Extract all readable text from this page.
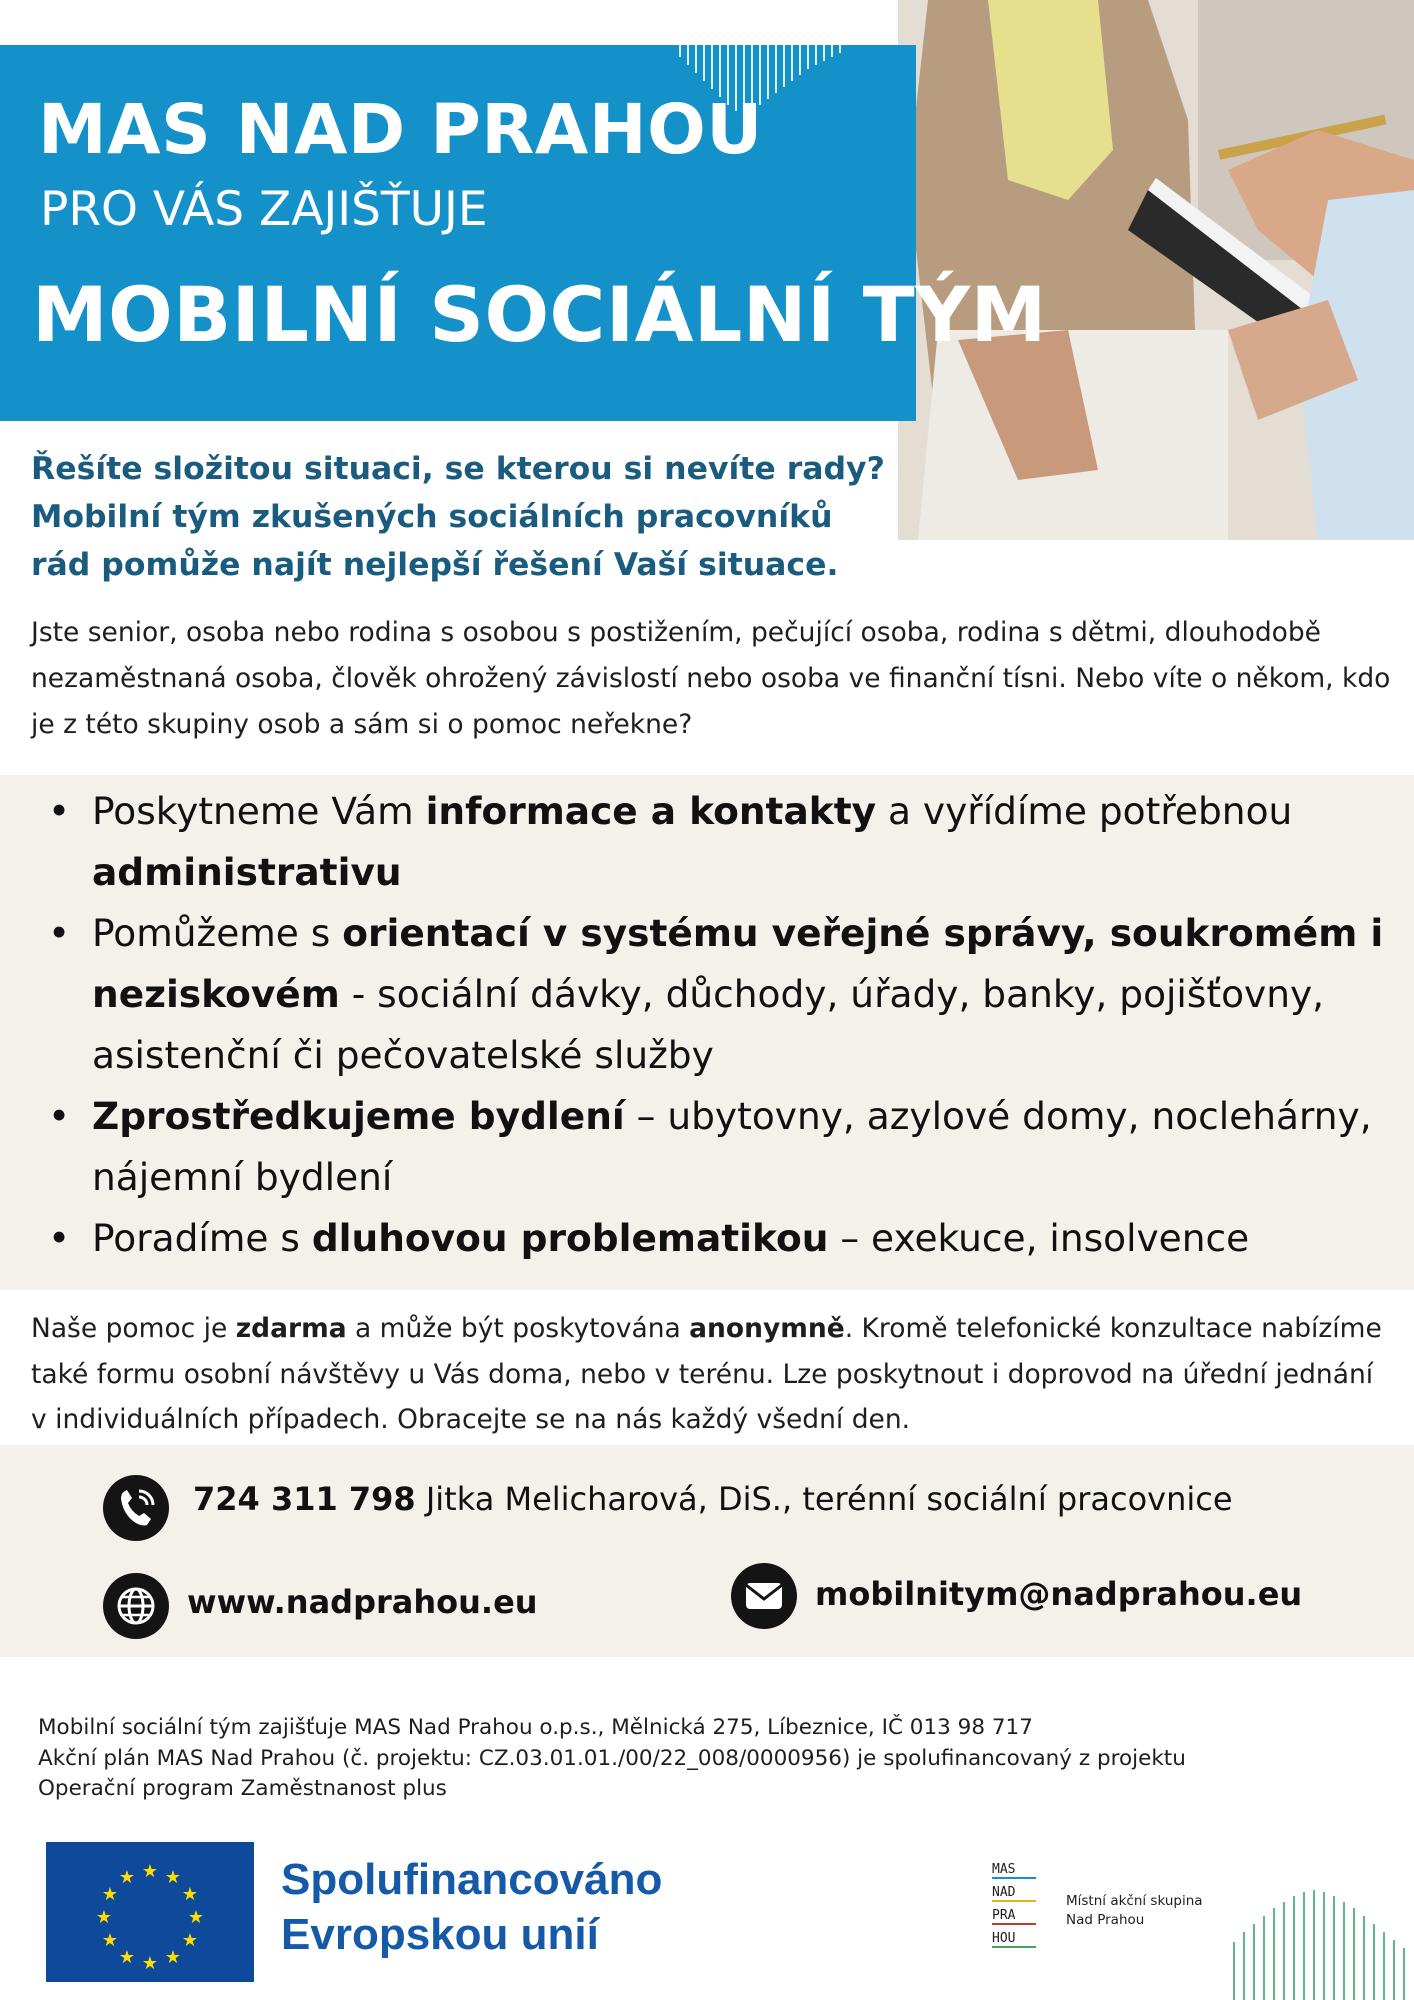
MAS NAD PRAHOU
PRO VÁS ZAJIŠŤUJE
MOBILNÍ SOCIÁLNÍ TÝM
Řešíte složitou situaci, se kterou si nevíte rady?
Mobilní tým zkušených sociálních pracovníků
rád pomůže najít nejlepší řešení Vaší situace.
Jste senior, osoba nebo rodina s osobou s postižením, pečující osoba, rodina s dětmi, dlouhodobě nezaměstnaná osoba, člověk ohrožený závislostí nebo osoba ve finanční tísni. Nebo víte o někom, kdo je z této skupiny osob a sám si o pomoc neřekne?
• Poskytneme Vám informace a kontakty a vyřídíme potřebnou
administrativu
• Pomůžeme s orientací v systému veřejné správy, soukromém i neziskovém - sociální dávky, důchody, úřady, banky, pojišťovny, asistenční či pečovatelské služby
• Zprostředkujeme bydlení – ubytovny, azylové domy, noclehárny, nájemní bydlení
• Poradíme s dluhovou problematikou – exekuce, insolvence
Naše pomoc je zdarma a může být poskytována anonymně. Kromě telefonické konzultace nabízíme také formu osobní návštěvy u Vás doma, nebo v terénu. Lze poskytnout i doprovod na úřední jednání v individuálních případech. Obracejte se na nás každý všední den.
724 311 798 Jitka Melicharová, DiS., terénní sociální pracovnice
www.nadprahou.eu	mobilnitym@nadprahou.eu
Mobilní sociální tým zajišťuje MAS Nad Prahou o.p.s., Mělnická 275, Líbeznice, IČ 013 98 717
Akční plán MAS Nad Prahou (č. projektu: CZ.03.01.01./00/22_008/0000956) je spolufinancovaný z projektu
Operační program Zaměstnanost plus
★ ★
★
★
★
★
★
★
★
★
★
★	Spolufinancováno
Evropskou unií
MAS
NAD
PRA
HOU
Místní akční skupina
Nad Prahou
